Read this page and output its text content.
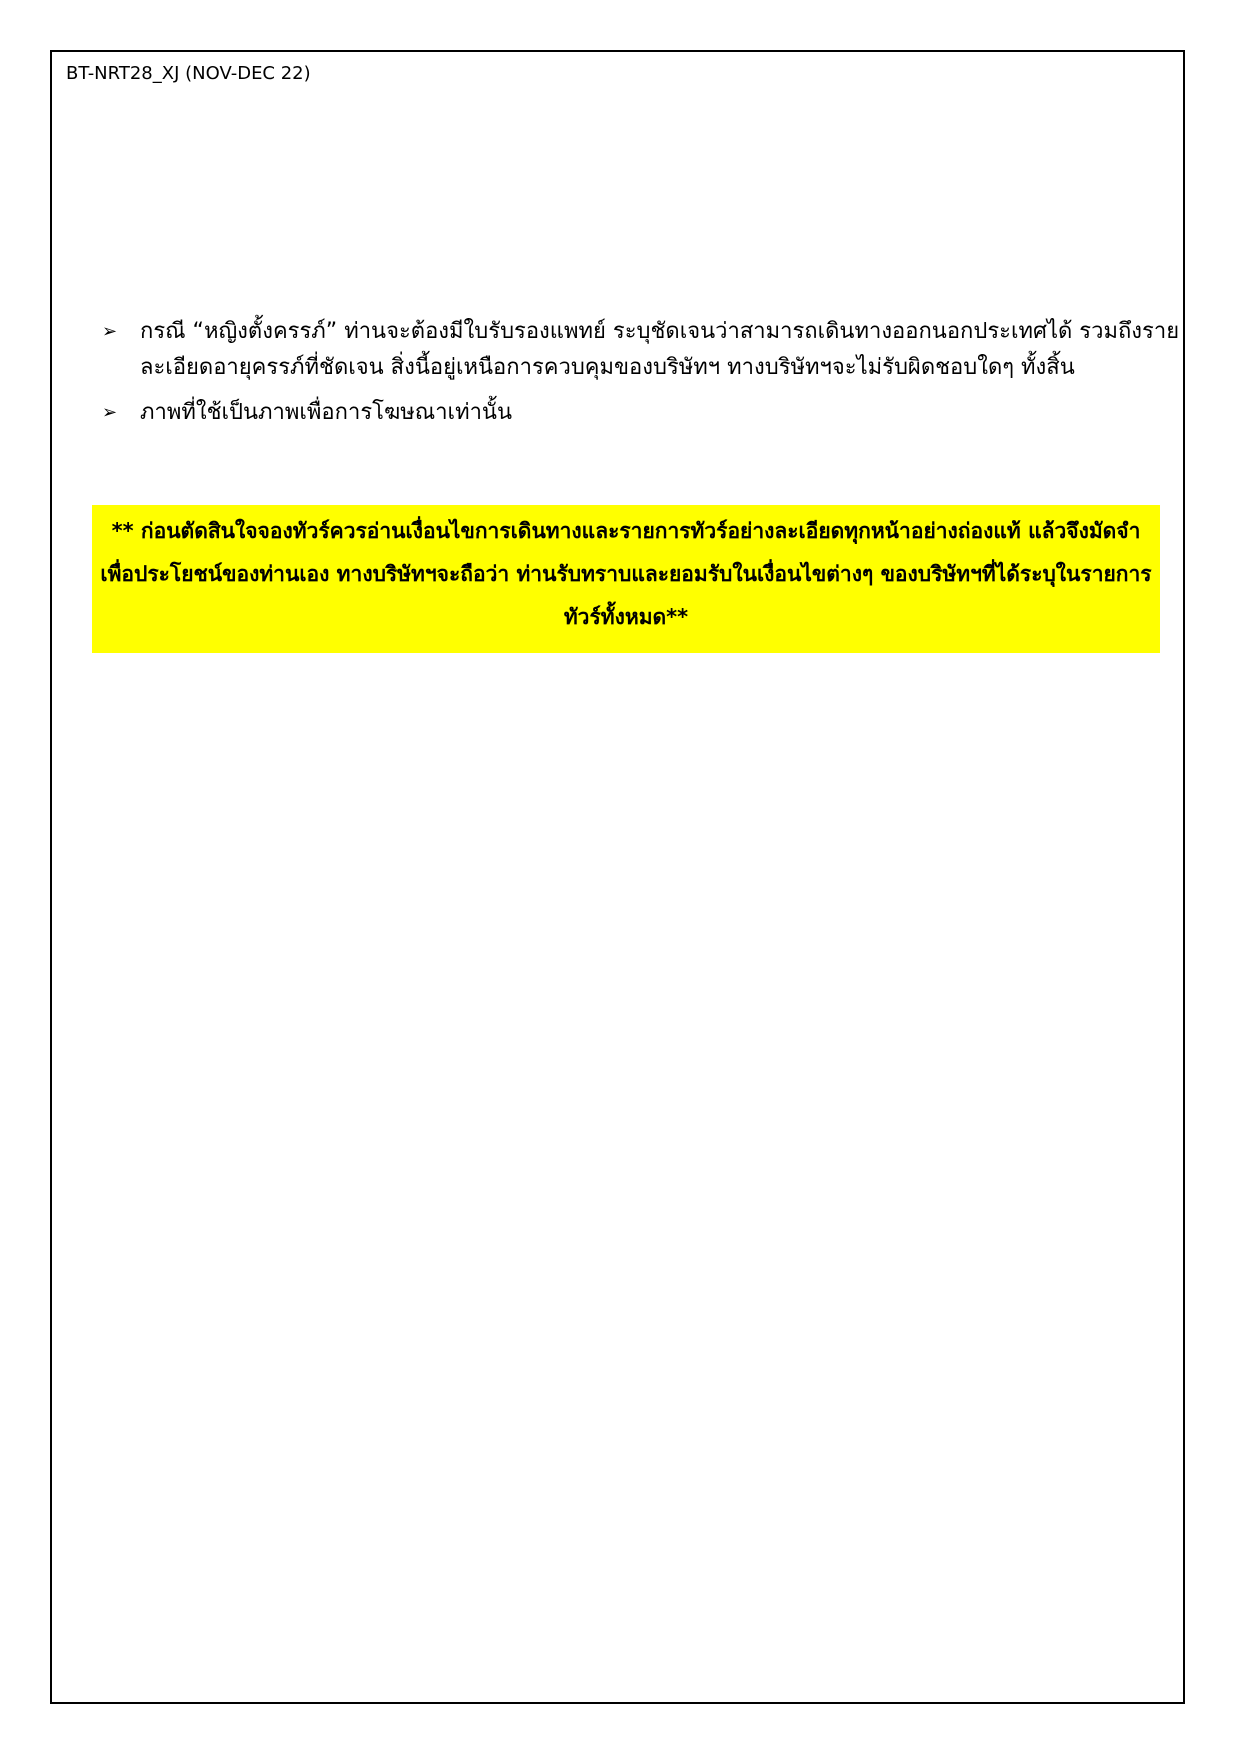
BT-NRT28_XJ (NOV-DEC 22)
➢	กรณี “หญิงตั้งครรภ์” ท่านจะต้องมีใบรับรองแพทย์ ระบุชัดเจนว่าสามารถเดินทางออกนอกประเทศได้ รวมถึงรายละเอียดอายุครรภ์ที่ชัดเจน สิ่งนี้อยู่เหนือการควบคุมของบริษัทฯ ทางบริษัทฯจะไม่รับผิดชอบใดๆ ทั้งสิ้น
➢	ภาพที่ใช้เป็นภาพเพื่อการโฆษณาเท่านั้น
** ก่อนตัดสินใจจองทัวร์ควรอ่านเงื่อนไขการเดินทางและรายการทัวร์อย่างละเอียดทุกหน้าอย่างถ่องแท้ แล้วจึงมัดจำเพื่อประโยชน์ของท่านเอง ทางบริษัทฯจะถือว่า ท่านรับทราบและยอมรับในเงื่อนไขต่างๆ ของบริษัทฯที่ได้ระบุในรายการทัวร์ทั้งหมด**
